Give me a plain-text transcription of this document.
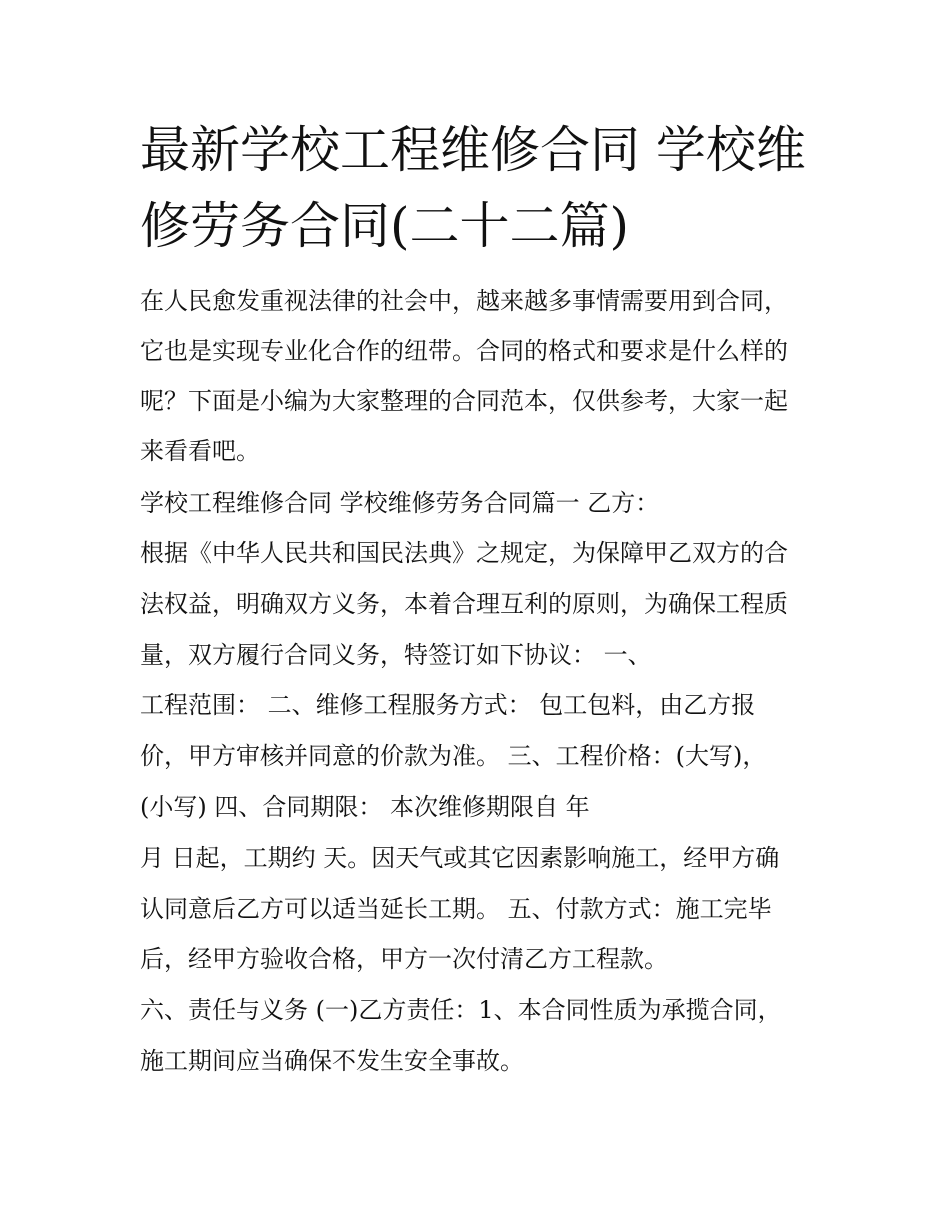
最新学校工程维修合同 学校维
修劳务合同(二十二篇)

在人民愈发重视法律的社会中，越来越多事情需要用到合同，

它也是实现专业化合作的纽带。合同的格式和要求是什么样的

呢？下面是小编为大家整理的合同范本，仅供参考，大家一起

来看看吧。

学校工程维修合同 学校维修劳务合同篇一 乙方：

根据《中华人民共和国民法典》之规定，为保障甲乙双方的合

法权益，明确双方义务，本着合理互利的原则，为确保工程质

量，双方履行合同义务，特签订如下协议： 一、

工程范围： 二、维修工程服务方式： 包工包料，由乙方报

价，甲方审核并同意的价款为准。 三、工程价格：(大写)，

(小写) 四、合同期限： 本次维修期限自 年

月 日起，工期约 天。因天气或其它因素影响施工，经甲方确

认同意后乙方可以适当延长工期。 五、付款方式：施工完毕

后，经甲方验收合格，甲方一次付清乙方工程款。

六、责任与义务 (一)乙方责任：1、本合同性质为承揽合同，

施工期间应当确保不发生安全事故。
